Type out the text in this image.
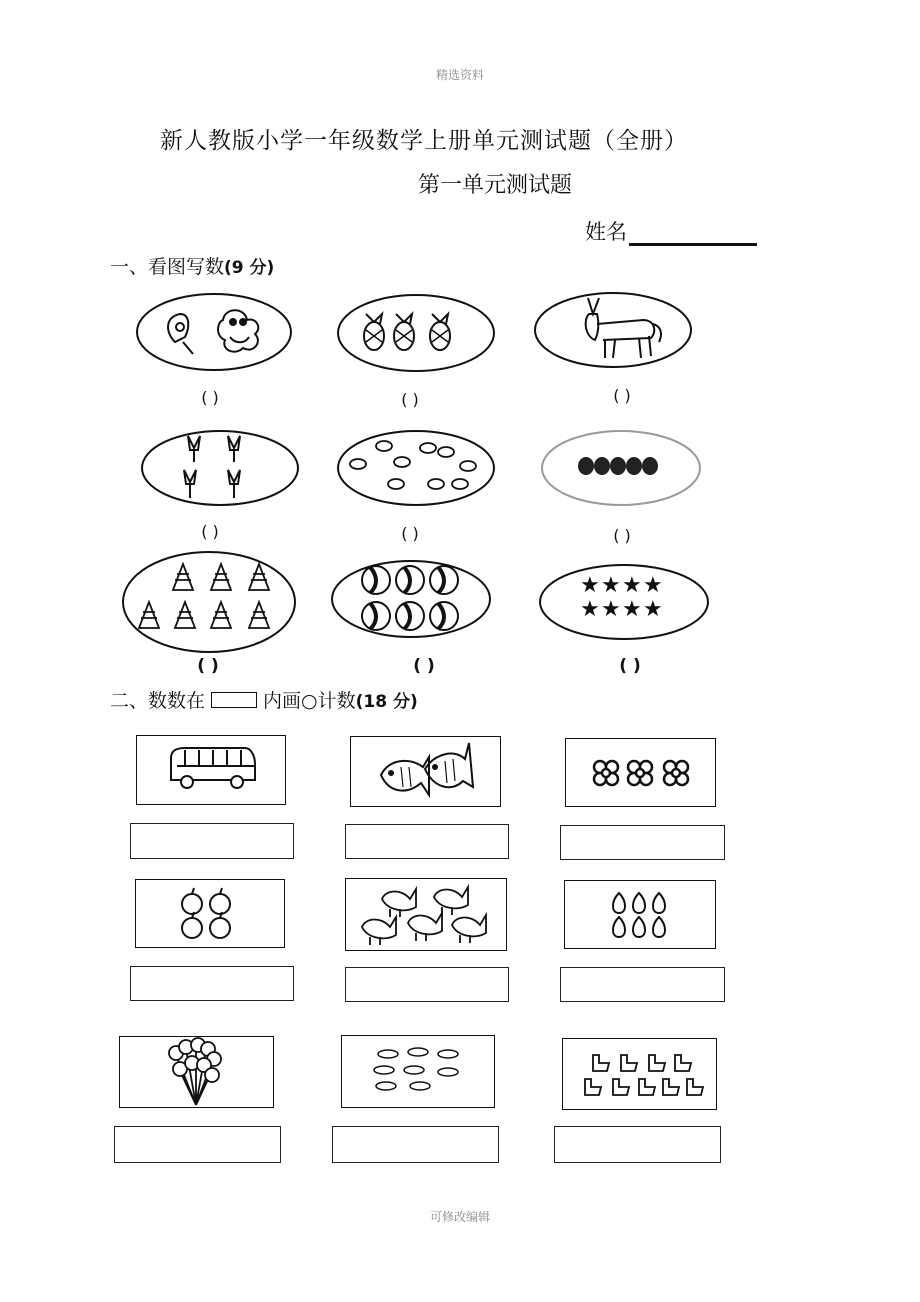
精选资料
新人教版小学一年级数学上册单元测试题（全册）
第一单元测试题
姓名
一、看图写数 (9 分)
( )	( )	( )
( )	( )	( )
★ ★ ★ ★
★ ★ ★ ★
( )	( )	( )
二、数数在	内画○计数 (18 分)
可修改编辑
